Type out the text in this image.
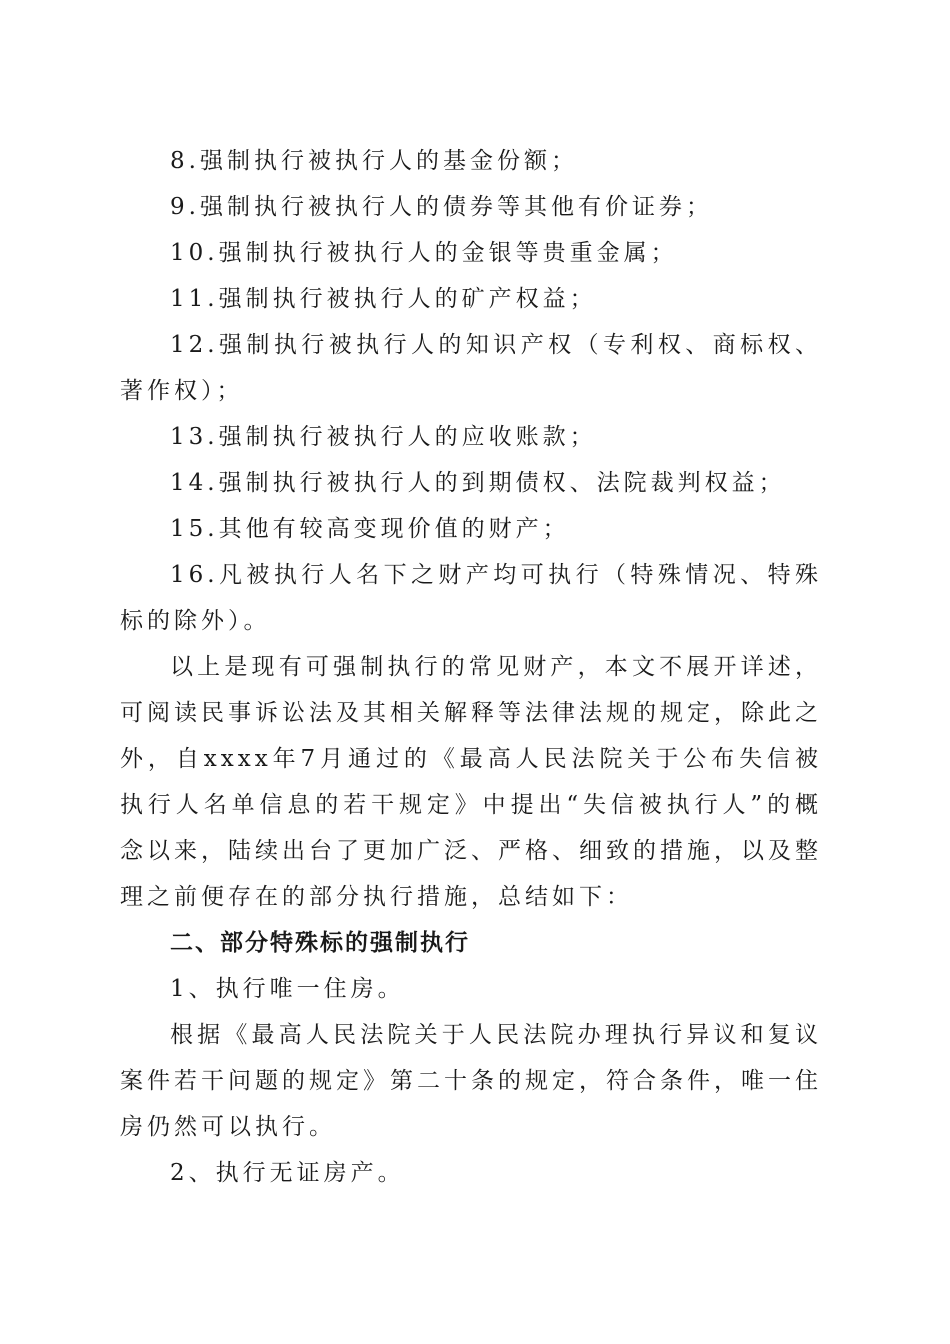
8.强制执行被执行人的基金份额；

9.强制执行被执行人的债券等其他有价证券；

10.强制执行被执行人的金银等贵重金属；

11.强制执行被执行人的矿产权益；

12.强制执行被执行人的知识产权（专利权、商标权、著作权）；

13.强制执行被执行人的应收账款；

14.强制执行被执行人的到期债权、法院裁判权益；

15.其他有较高变现价值的财产；

16.凡被执行人名下之财产均可执行（特殊情况、特殊标的除外）。

以上是现有可强制执行的常见财产，本文不展开详述，可阅读民事诉讼法及其相关解释等法律法规的规定，除此之外，自xxxx年7月通过的《最高人民法院关于公布失信被执行人名单信息的若干规定》中提出“失信被执行人”的概念以来，陆续出台了更加广泛、严格、细致的措施，以及整理之前便存在的部分执行措施，总结如下：

二、部分特殊标的强制执行

1、执行唯一住房。

根据《最高人民法院关于人民法院办理执行异议和复议案件若干问题的规定》第二十条的规定，符合条件，唯一住房仍然可以执行。

2、执行无证房产。
